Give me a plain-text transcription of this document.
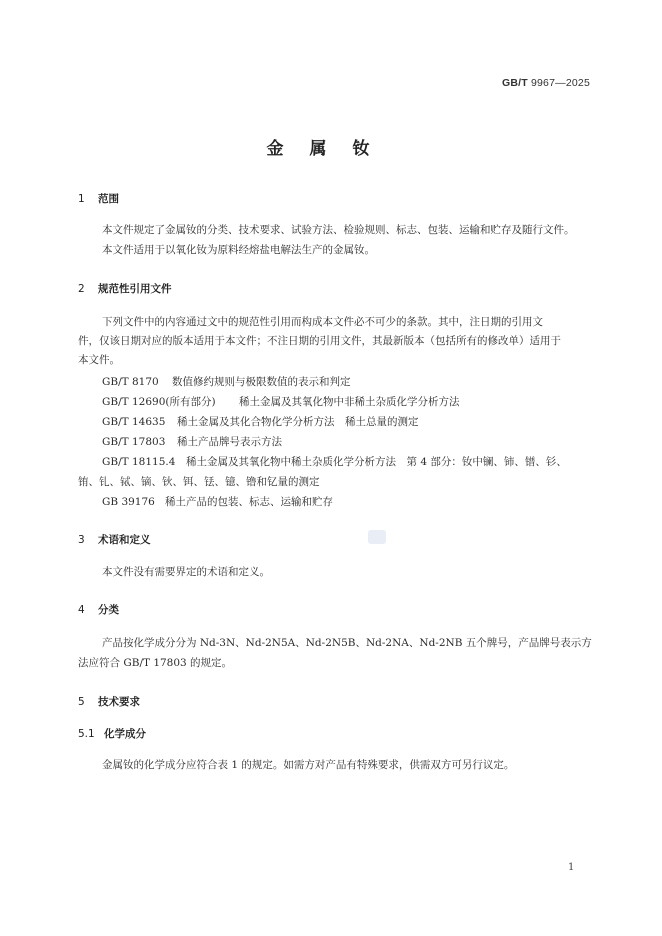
GB/T 9967—2025
金属钕
1 范围
本文件规定了金属钕的分类、技术要求、试验方法、检验规则、标志、包装、运输和贮存及随行文件。
本文件适用于以氧化钕为原料经熔盐电解法生产的金属钕。
2 规范性引用文件
下列文件中的内容通过文中的规范性引用而构成本文件必不可少的条款。其中，注日期的引用文
件，仅该日期对应的版本适用于本文件；不注日期的引用文件，其最新版本（包括所有的修改单）适用于
本文件。
GB/T 8170 数值修约规则与极限数值的表示和判定
GB/T 12690(所有部分) 稀土金属及其氧化物中非稀土杂质化学分析方法
GB/T 14635 稀土金属及其化合物化学分析方法　稀土总量的测定
GB/T 17803 稀土产品牌号表示方法
GB/T 18115.4 稀土金属及其氧化物中稀土杂质化学分析方法　第 4 部分：钕中镧、铈、镨、钐、
铕、钆、铽、镝、钬、铒、铥、镱、镥和钇量的测定
GB 39176 稀土产品的包装、标志、运输和贮存
3 术语和定义
本文件没有需要界定的术语和定义。
4 分类
产品按化学成分分为 Nd-3N、Nd-2N5A、Nd-2N5B、Nd-2NA、Nd-2NB 五个牌号，产品牌号表示方
法应符合 GB/T 17803 的规定。
5 技术要求
5.1 化学成分
金属钕的化学成分应符合表 1 的规定。如需方对产品有特殊要求，供需双方可另行议定。
1
